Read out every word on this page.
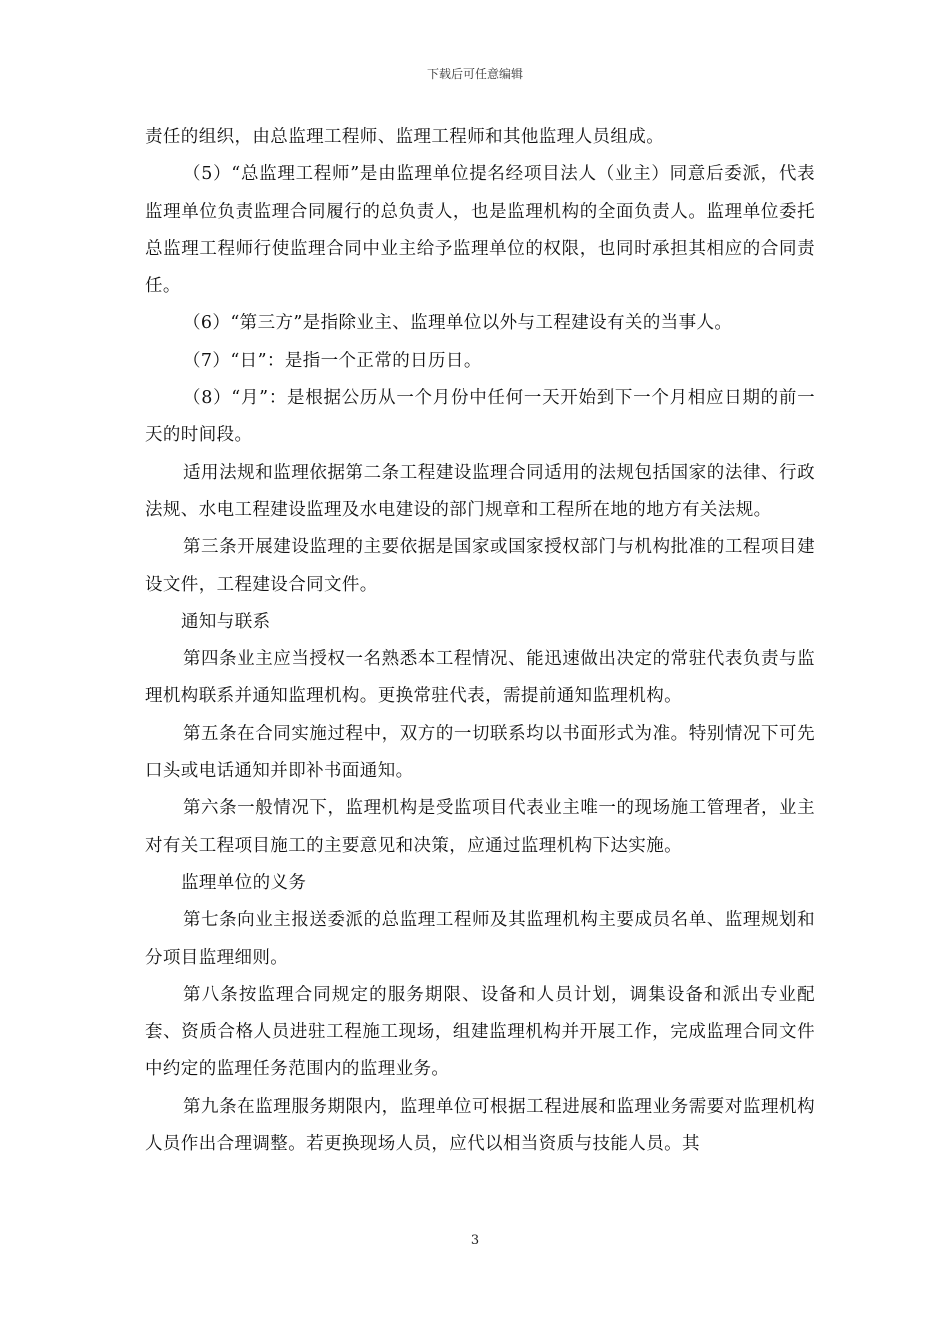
下载后可任意编辑

责任的组织，由总监理工程师、监理工程师和其他监理人员组成。

（5）“总监理工程师”是由监理单位提名经项目法人（业主）同意后委派，代表监理单位负责监理合同履行的总负责人，也是监理机构的全面负责人。监理单位委托总监理工程师行使监理合同中业主给予监理单位的权限，也同时承担其相应的合同责任。

（6）“第三方”是指除业主、监理单位以外与工程建设有关的当事人。

（7）“日”：是指一个正常的日历日。

（8）“月”：是根据公历从一个月份中任何一天开始到下一个月相应日期的前一天的时间段。

适用法规和监理依据第二条工程建设监理合同适用的法规包括国家的法律、行政法规、水电工程建设监理及水电建设的部门规章和工程所在地的地方有关法规。

第三条开展建设监理的主要依据是国家或国家授权部门与机构批准的工程项目建设文件，工程建设合同文件。

通知与联系

第四条业主应当授权一名熟悉本工程情况、能迅速做出决定的常驻代表负责与监理机构联系并通知监理机构。更换常驻代表，需提前通知监理机构。

第五条在合同实施过程中，双方的一切联系均以书面形式为准。特别情况下可先口头或电话通知并即补书面通知。

第六条一般情况下，监理机构是受监项目代表业主唯一的现场施工管理者，业主对有关工程项目施工的主要意见和决策，应通过监理机构下达实施。

监理单位的义务

第七条向业主报送委派的总监理工程师及其监理机构主要成员名单、监理规划和分项目监理细则。

第八条按监理合同规定的服务期限、设备和人员计划，调集设备和派出专业配套、资质合格人员进驻工程施工现场，组建监理机构并开展工作，完成监理合同文件中约定的监理任务范围内的监理业务。

第九条在监理服务期限内，监理单位可根据工程进展和监理业务需要对监理机构人员作出合理调整。若更换现场人员，应代以相当资质与技能人员。其

3
